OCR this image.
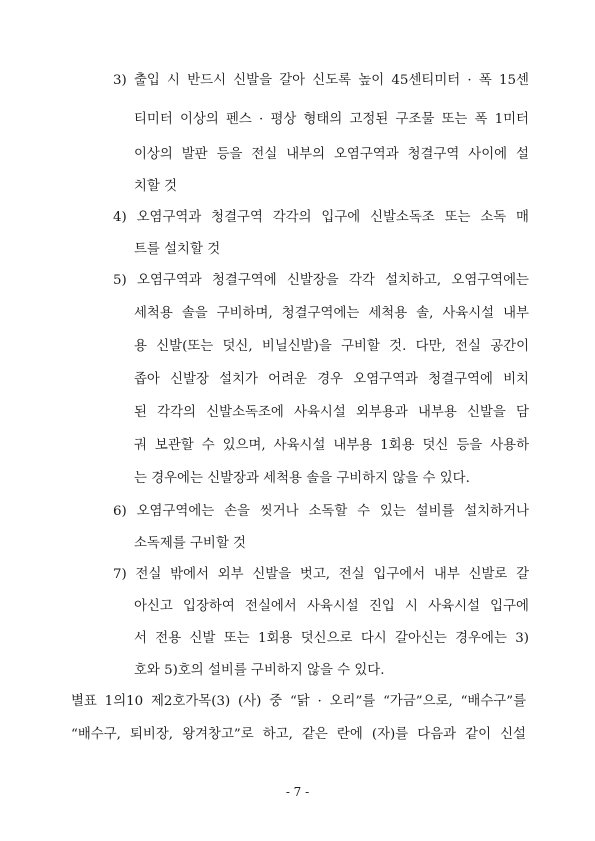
3) 출입 시 반드시 신발을 갈아 신도록 높이 45센티미터 · 폭 15센
티미터 이상의 펜스 · 평상 형태의 고정된 구조물 또는 폭 1미터
이상의 발판 등을 전실 내부의 오염구역과 청결구역 사이에 설
치할 것
4) 오염구역과 청결구역 각각의 입구에 신발소독조 또는 소독 매
트를 설치할 것
5) 오염구역과 청결구역에 신발장을 각각 설치하고, 오염구역에는
세척용 솔을 구비하며, 청결구역에는 세척용 솔, 사육시설 내부
용 신발(또는 덧신, 비닐신발)을 구비할 것. 다만, 전실 공간이
좁아 신발장 설치가 어려운 경우 오염구역과 청결구역에 비치
된 각각의 신발소독조에 사육시설 외부용과 내부용 신발을 담
궈 보관할 수 있으며, 사육시설 내부용 1회용 덧신 등을 사용하
는 경우에는 신발장과 세척용 솔을 구비하지 않을 수 있다.
6) 오염구역에는 손을 씻거나 소독할 수 있는 설비를 설치하거나
소독제를 구비할 것
7) 전실 밖에서 외부 신발을 벗고, 전실 입구에서 내부 신발로 갈
아신고 입장하여 전실에서 사육시설 진입 시 사육시설 입구에
서 전용 신발 또는 1회용 덧신으로 다시 갈아신는 경우에는 3)
호와 5)호의 설비를 구비하지 않을 수 있다.
별표 1의10 제2호가목(3) (사) 중 “닭 · 오리”를 “가금”으로, “배수구”를
“배수구, 퇴비장, 왕겨창고”로 하고, 같은 란에 (자)를 다음과 같이 신설
- 7 -
